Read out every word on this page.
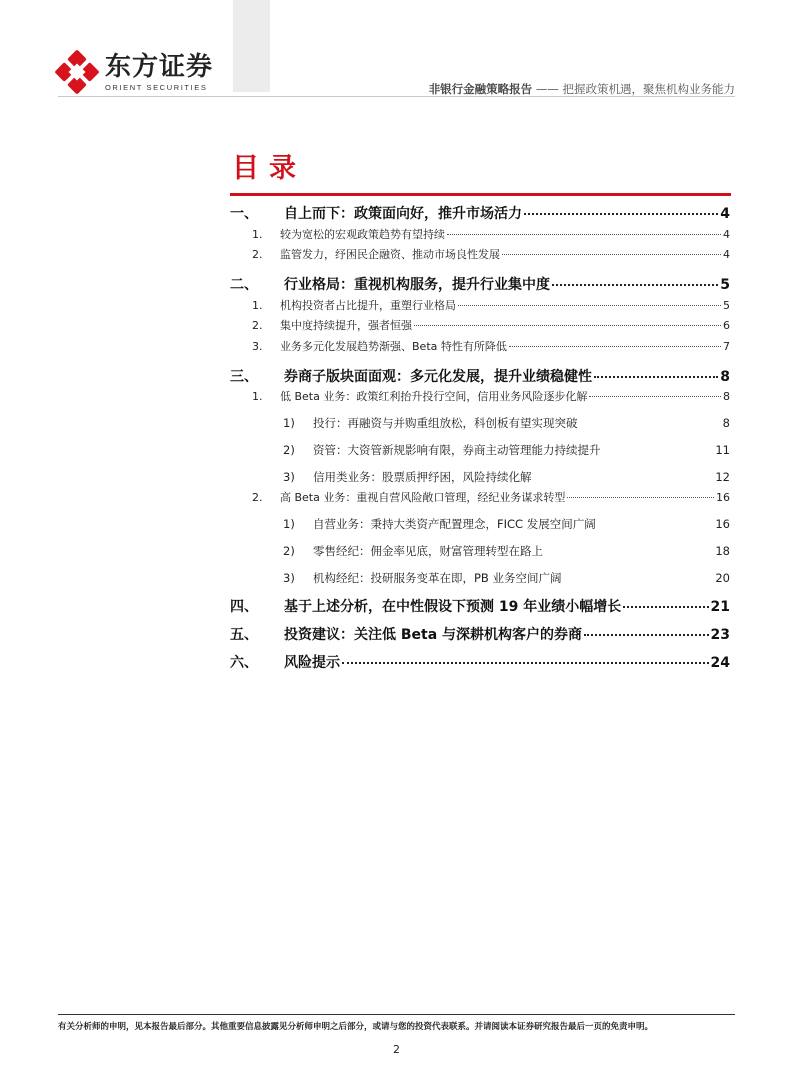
东方证券
ORIENT SECURITIES	非银行金融策略报告 —— 把握政策机遇，聚焦机构业务能力
目录
一、	自上而下：政策面向好，推升市场活力	4
1.	较为宽松的宏观政策趋势有望持续	4
2.	监管发力，纾困民企融资、推动市场良性发展	4
二、	行业格局：重视机构服务，提升行业集中度	5
1.	机构投资者占比提升，重塑行业格局	5
2.	集中度持续提升，强者恒强	6
3.	业务多元化发展趋势渐强、Beta 特性有所降低	7
三、	券商子版块面面观：多元化发展，提升业绩稳健性	8
1.	低 Beta 业务：政策红利抬升投行空间，信用业务风险逐步化解	8
1)	投行：再融资与并购重组放松，科创板有望实现突破	8
2)	资管：大资管新规影响有限，券商主动管理能力持续提升	11
3)	信用类业务：股票质押纾困，风险持续化解	12
2.	高 Beta 业务：重视自营风险敞口管理，经纪业务谋求转型	16
1)	自营业务：秉持大类资产配置理念，FICC 发展空间广阔	16
2)	零售经纪：佣金率见底，财富管理转型在路上	18
3)	机构经纪：投研服务变革在即，PB 业务空间广阔	20
四、	基于上述分析，在中性假设下预测 19 年业绩小幅增长	21
五、	投资建议：关注低 Beta 与深耕机构客户的券商	23
六、	风险提示	24
有关分析师的申明，见本报告最后部分。其他重要信息披露见分析师申明之后部分，或请与您的投资代表联系。并请阅读本证券研究报告最后一页的免责申明。
2
